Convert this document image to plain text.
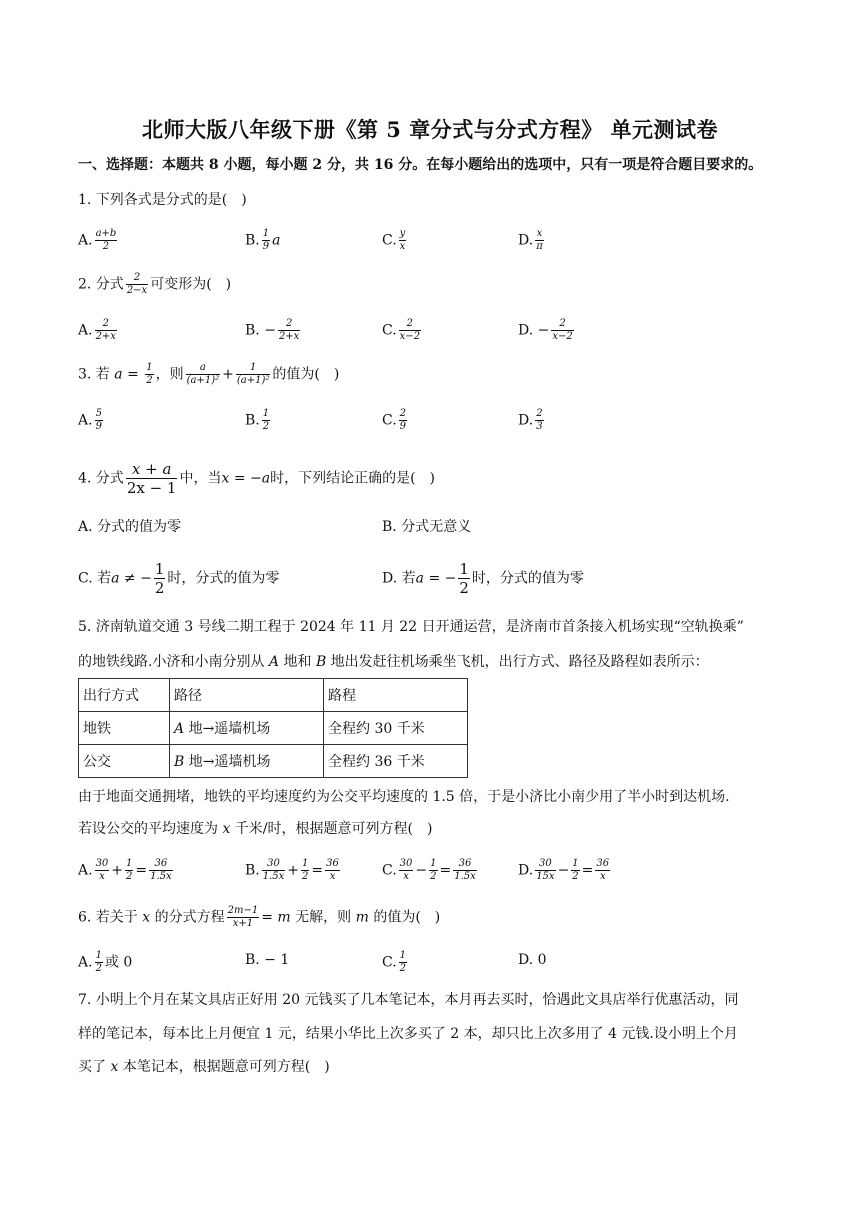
北师大版八年级下册《第 5 章分式与分式方程》 单元测试卷
一、选择题：本题共 8 小题，每小题 2 分，共 16 分。在每小题给出的选项中，只有一项是符合题目要求的。
1. 下列各式是分式的是(　)
A. $\frac{a+b}{2}$	B. $\frac{1}{9}$ a	C. $\frac{y}{x}$	D. $\frac{x}{\pi}$
2. 分式 $\frac{2}{2-x}$ 可变形为(　)
A. $\frac{2}{2+x}$	B. − $\frac{2}{2+x}$	C. $\frac{2}{x-2}$	D. − $\frac{2}{x-2}$
3. 若 $a = \frac{1}{2}$ ，则 $\frac{a}{\text{(a+1)²}} + \frac{1}{\text{(a+1)²}}$ 的值为(　)
A. $\frac{5}{9}$	B. $\frac{1}{2}$	C. $\frac{2}{9}$	D. $\frac{2}{3}$
4. 分式 $\frac{x + a}{2x - 1}$ 中，当x = −a时，下列结论正确的是(　)
A. 分式的值为零	B. 分式无意义
C. 若a ≠ − $\frac{1}{2}$ 时，分式的值为零	D. 若a = − $\frac{1}{2}$ 时，分式的值为零
5. 济南轨道交通 3 号线二期工程于 2024 年 11 月 22 日开通运营，是济南市首条接入机场实现“空轨换乘”
的地铁线路.小济和小南分别从 A 地和 B 地出发赶往机场乘坐飞机，出行方式、路径及路程如表所示：
出行方式	路径	路程
地铁	A 地→遥墙机场	全程约 30 千米
公交	B 地→遥墙机场	全程约 36 千米
由于地面交通拥堵，地铁的平均速度约为公交平均速度的 1.5 倍，于是小济比小南少用了半小时到达机场.
若设公交的平均速度为 x 千米/时，根据题意可列方程(　)
A. $\frac{30}{x} + \frac{1}{2} = \frac{36}{1.5x}$	B. $\frac{30}{1.5x} + \frac{1}{2} = \frac{36}{x}$	C. $\frac{30}{x} - \frac{1}{2} = \frac{36}{1.5x}$	D. $\frac{30}{15x} - \frac{1}{2} = \frac{36}{x}$
6. 若关于 x 的分式方程 $\frac{2m-1}{x+1} = m$ 无解，则 m 的值为(　)
A. $\frac{1}{2}$ 或 0	B. − 1	C. $\frac{1}{2}$	D. 0
7. 小明上个月在某文具店正好用 20 元钱买了几本笔记本，本月再去买时，恰遇此文具店举行优惠活动，同
样的笔记本，每本比上月便宜 1 元，结果小华比上次多买了 2 本，却只比上次多用了 4 元钱.设小明上个月
买了 x 本笔记本，根据题意可列方程(　)
